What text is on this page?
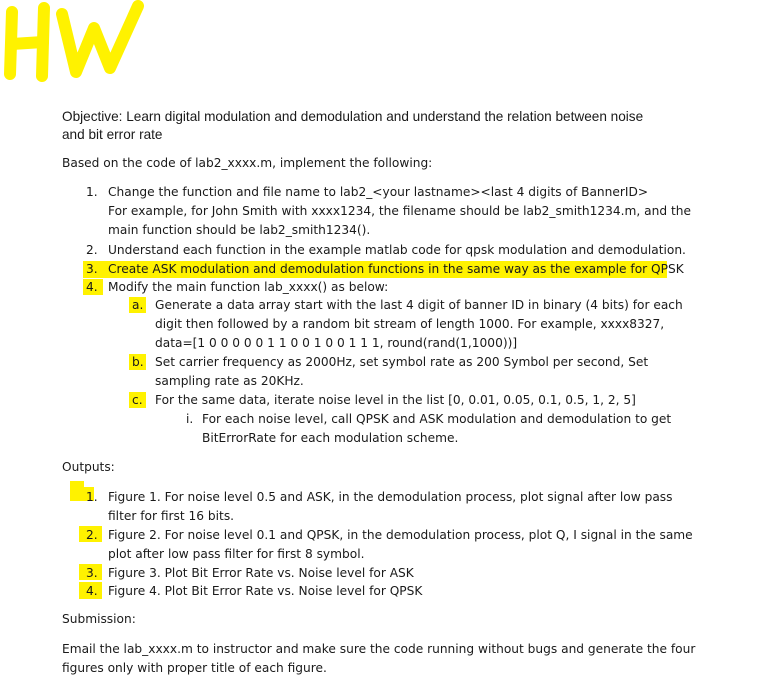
Objective: Learn digital modulation and demodulation and understand the relation between noise
and bit error rate
Based on the code of lab2_xxxx.m, implement the following:
1. Change the function and file name to lab2_<your lastname><last 4 digits of BannerID>
For example, for John Smith with xxxx1234, the filename should be lab2_smith1234.m, and the
main function should be lab2_smith1234().
2. Understand each function in the example matlab code for qpsk modulation and demodulation.
3. Create ASK modulation and demodulation functions in the same way as the example for QPSK
4. Modify the main function lab_xxxx() as below:
a. Generate a data array start with the last 4 digit of banner ID in binary (4 bits) for each
digit then followed by a random bit stream of length 1000. For example, xxxx8327,
data=[1 0 0 0 0 0 1 1 0 0 1 0 0 1 1 1, round(rand(1,1000))]
b. Set carrier frequency as 2000Hz, set symbol rate as 200 Symbol per second, Set
sampling rate as 20KHz.
c. For the same data, iterate noise level in the list [0, 0.01, 0.05, 0.1, 0.5, 1, 2, 5]
i. For each noise level, call QPSK and ASK modulation and demodulation to get
BitErrorRate for each modulation scheme.
Outputs:
1. Figure 1. For noise level 0.5 and ASK, in the demodulation process, plot signal after low pass
filter for first 16 bits.
2. Figure 2. For noise level 0.1 and QPSK, in the demodulation process, plot Q, I signal in the same
plot after low pass filter for first 8 symbol.
3. Figure 3. Plot Bit Error Rate vs. Noise level for ASK
4. Figure 4. Plot Bit Error Rate vs. Noise level for QPSK
Submission:
Email the lab_xxxx.m to instructor and make sure the code running without bugs and generate the four
figures only with proper title of each figure.
